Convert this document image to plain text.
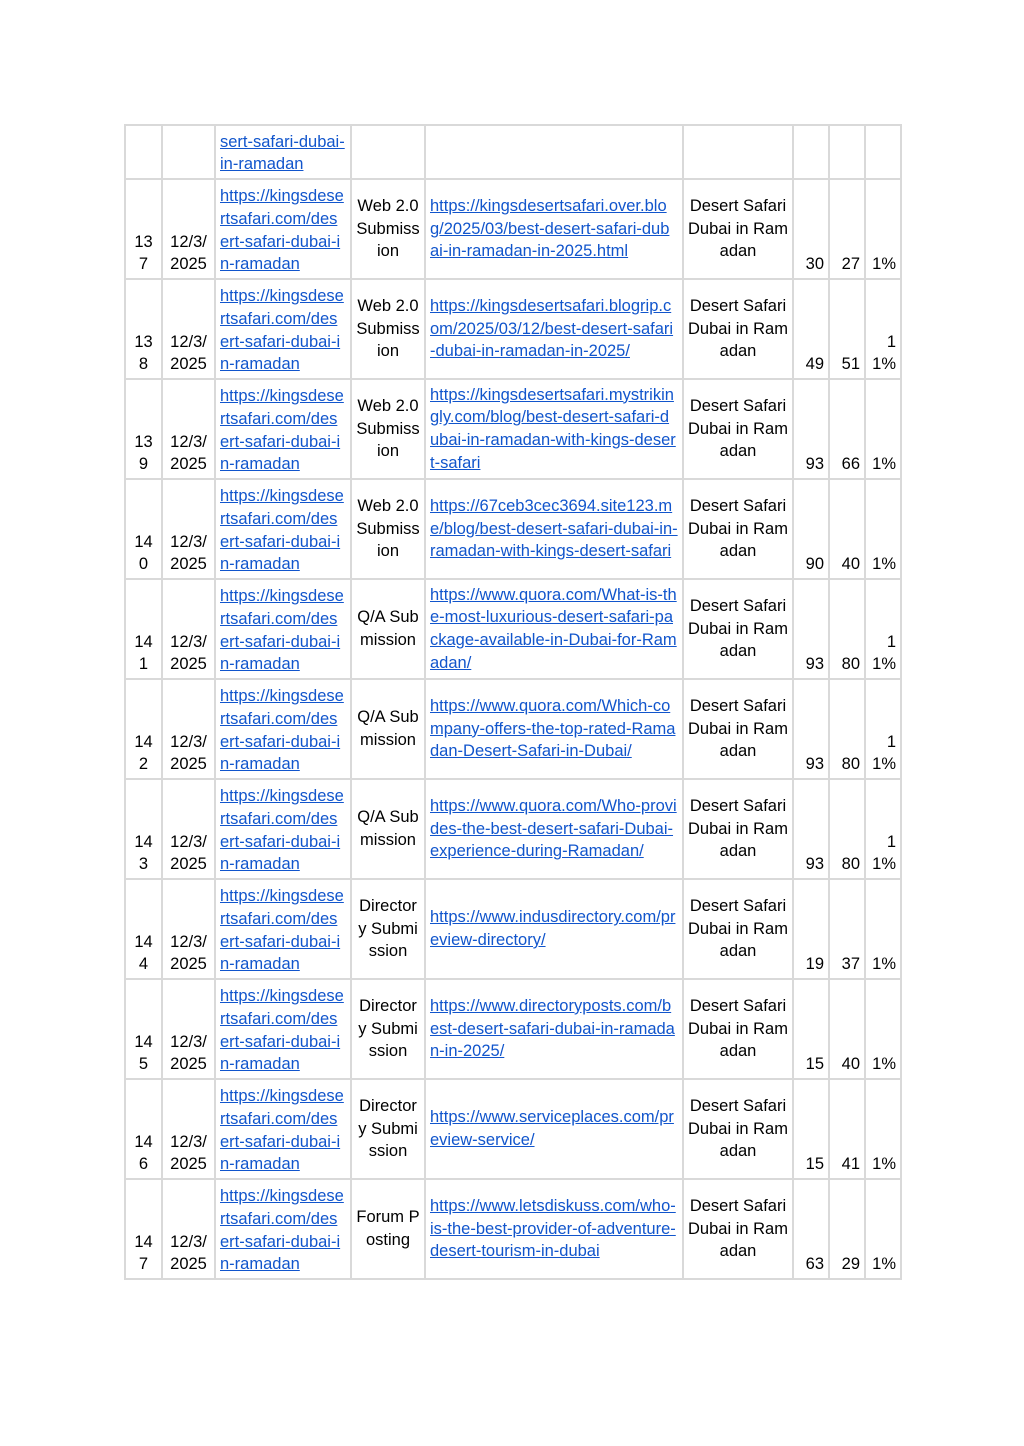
		sert-safari-dubai-in-ramadan						
137	12/3/2025	https://kingsdesertsafari.com/desert-safari-dubai-in-ramadan	Web 2.0 Submission	https://kingsdesertsafari.over.blog/2025/03/best-desert-safari-dubai-in-ramadan-in-2025.html	Desert Safari Dubai in Ramadan	30	27	1%
138	12/3/2025	https://kingsdesertsafari.com/desert-safari-dubai-in-ramadan	Web 2.0 Submission	https://kingsdesertsafari.blogrip.com/2025/03/12/best-desert-safari-dubai-in-ramadan-in-2025/	Desert Safari Dubai in Ramadan	49	51	11%
139	12/3/2025	https://kingsdesertsafari.com/desert-safari-dubai-in-ramadan	Web 2.0 Submission	https://kingsdesertsafari.mystrikingly.com/blog/best-desert-safari-dubai-in-ramadan-with-kings-desert-safari	Desert Safari Dubai in Ramadan	93	66	1%
140	12/3/2025	https://kingsdesertsafari.com/desert-safari-dubai-in-ramadan	Web 2.0 Submission	https://67ceb3cec3694.site123.me/blog/best-desert-safari-dubai-in-ramadan-with-kings-desert-safari	Desert Safari Dubai in Ramadan	90	40	1%
141	12/3/2025	https://kingsdesertsafari.com/desert-safari-dubai-in-ramadan	Q/A Submission	https://www.quora.com/What-is-the-most-luxurious-desert-safari-package-available-in-Dubai-for-Ramadan/	Desert Safari Dubai in Ramadan	93	80	11%
142	12/3/2025	https://kingsdesertsafari.com/desert-safari-dubai-in-ramadan	Q/A Submission	https://www.quora.com/Which-company-offers-the-top-rated-Ramadan-Desert-Safari-in-Dubai/	Desert Safari Dubai in Ramadan	93	80	11%
143	12/3/2025	https://kingsdesertsafari.com/desert-safari-dubai-in-ramadan	Q/A Submission	https://www.quora.com/Who-provides-the-best-desert-safari-Dubai-experience-during-Ramadan/	Desert Safari Dubai in Ramadan	93	80	11%
144	12/3/2025	https://kingsdesertsafari.com/desert-safari-dubai-in-ramadan	Directory Submission	https://www.indusdirectory.com/preview-directory/	Desert Safari Dubai in Ramadan	19	37	1%
145	12/3/2025	https://kingsdesertsafari.com/desert-safari-dubai-in-ramadan	Directory Submission	https://www.directoryposts.com/best-desert-safari-dubai-in-ramadan-in-2025/	Desert Safari Dubai in Ramadan	15	40	1%
146	12/3/2025	https://kingsdesertsafari.com/desert-safari-dubai-in-ramadan	Directory Submission	https://www.serviceplaces.com/preview-service/	Desert Safari Dubai in Ramadan	15	41	1%
147	12/3/2025	https://kingsdesertsafari.com/desert-safari-dubai-in-ramadan	Forum Posting	https://www.letsdiskuss.com/who-is-the-best-provider-of-adventure-desert-tourism-in-dubai	Desert Safari Dubai in Ramadan	63	29	1%
